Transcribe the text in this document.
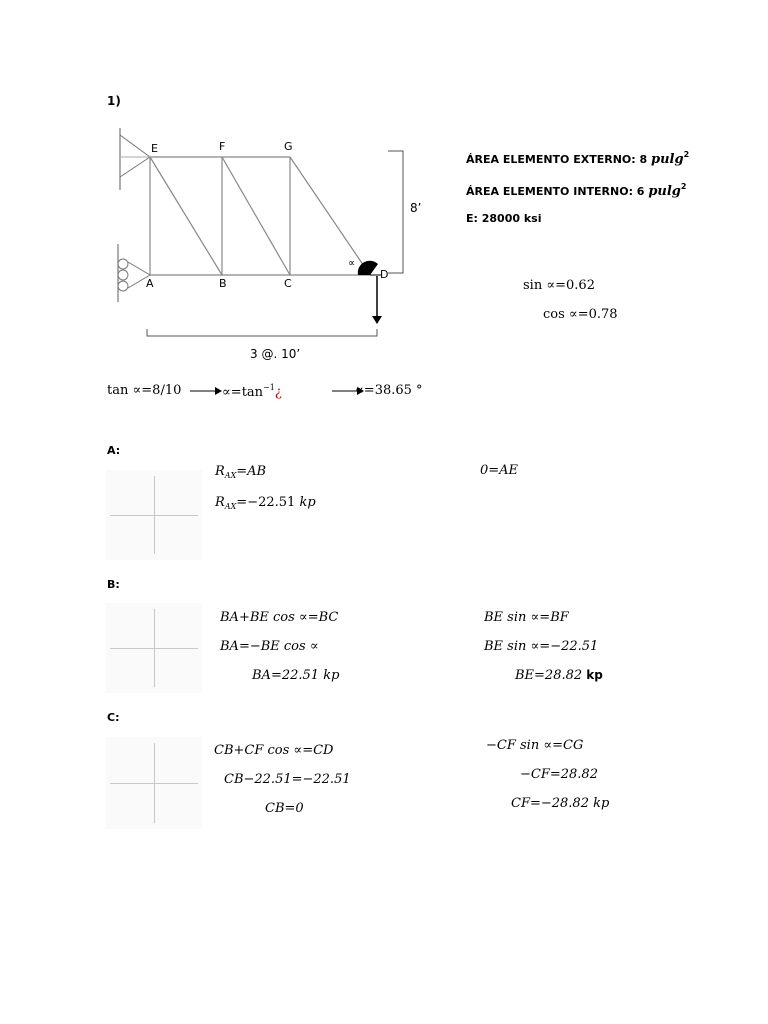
1)
E	F	G
A	B	C
D
∝
8’
3 @. 10’
ÁREA ELEMENTO EXTERNO: 8 pulg$^2$
ÁREA ELEMENTO INTERNO: 6 pulg$^2$
E: 28000 ksi
sin ∝=0.62
cos ∝=0.78
tan ∝=8/10	$\propto=\tan^{-1}¿$	∝=38.65 °
A:
$R_{AX}=AB$
$R_{AX}=-22.51$ kp
0=AE
B:
BA+BE cos ∝=BC
BA=−BE cos ∝
BA=22.51 kp
BE sin ∝=BF
BE sin ∝=−22.51
BE=28.82 kp
C:
CB+CF cos ∝=CD
CB−22.51=−22.51
CB=0
−CF sin ∝=CG
−CF=28.82
CF=−28.82 kp
